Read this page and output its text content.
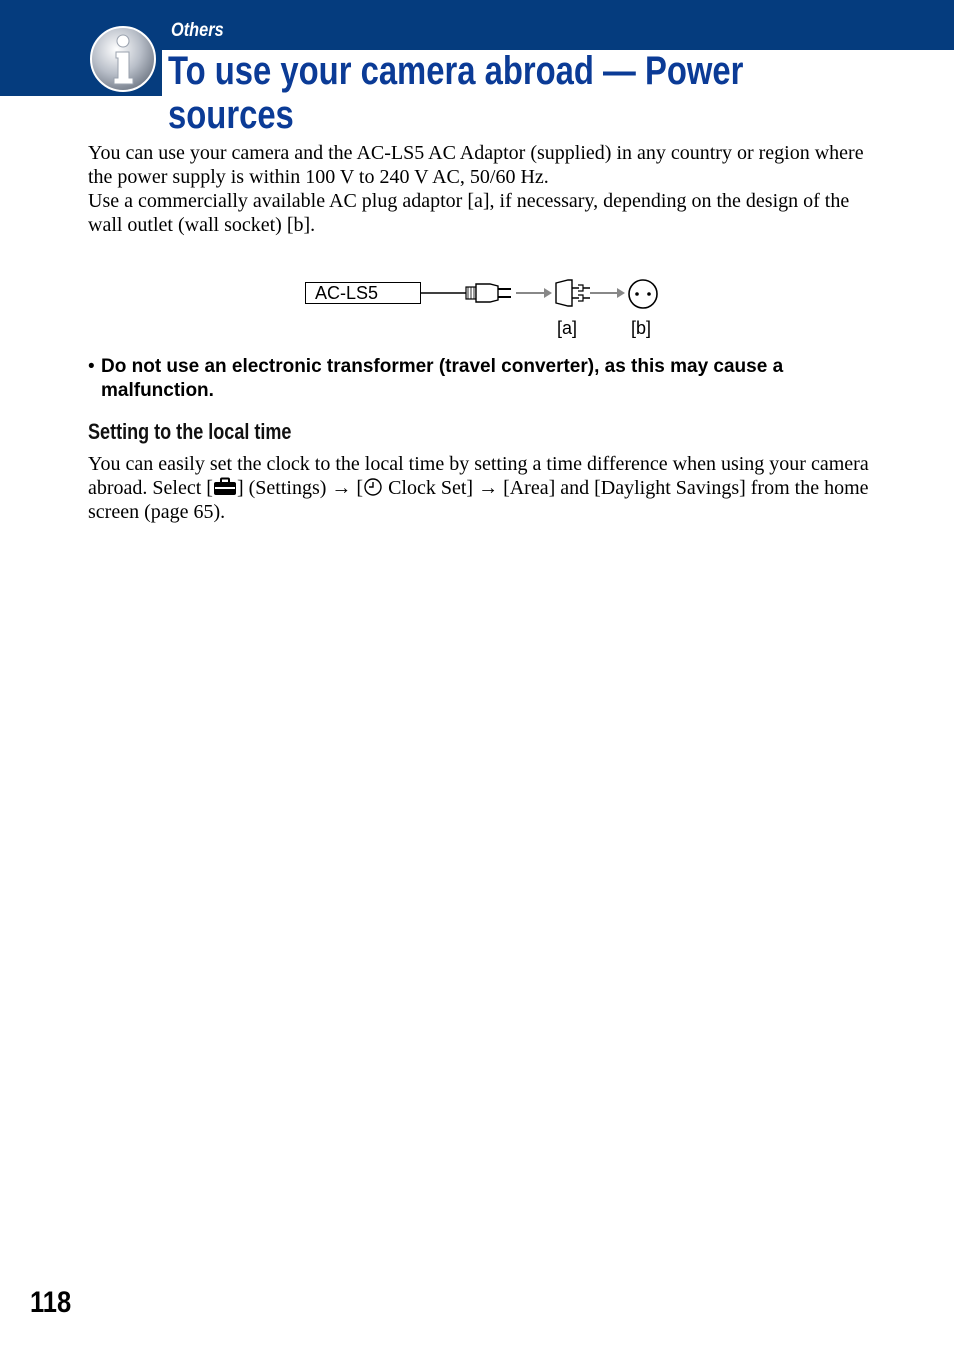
Others
To use your camera abroad — Power sources

You can use your camera and the AC-LS5 AC Adaptor (supplied) in any country or region where the power supply is within 100 V to 240 V AC, 50/60 Hz.

Use a commercially available AC plug adaptor [a], if necessary, depending on the design of the wall outlet (wall socket) [b].

AC-LS5
[a]	[b]
• Do not use an electronic transformer (travel converter), as this may cause a malfunction.
Setting to the local time

You can easily set the clock to the local time by setting a time difference when using your camera abroad. Select [ ] (Settings) → [ Clock Set] → [Area] and [Daylight Savings] from the home screen (page 65).

118
